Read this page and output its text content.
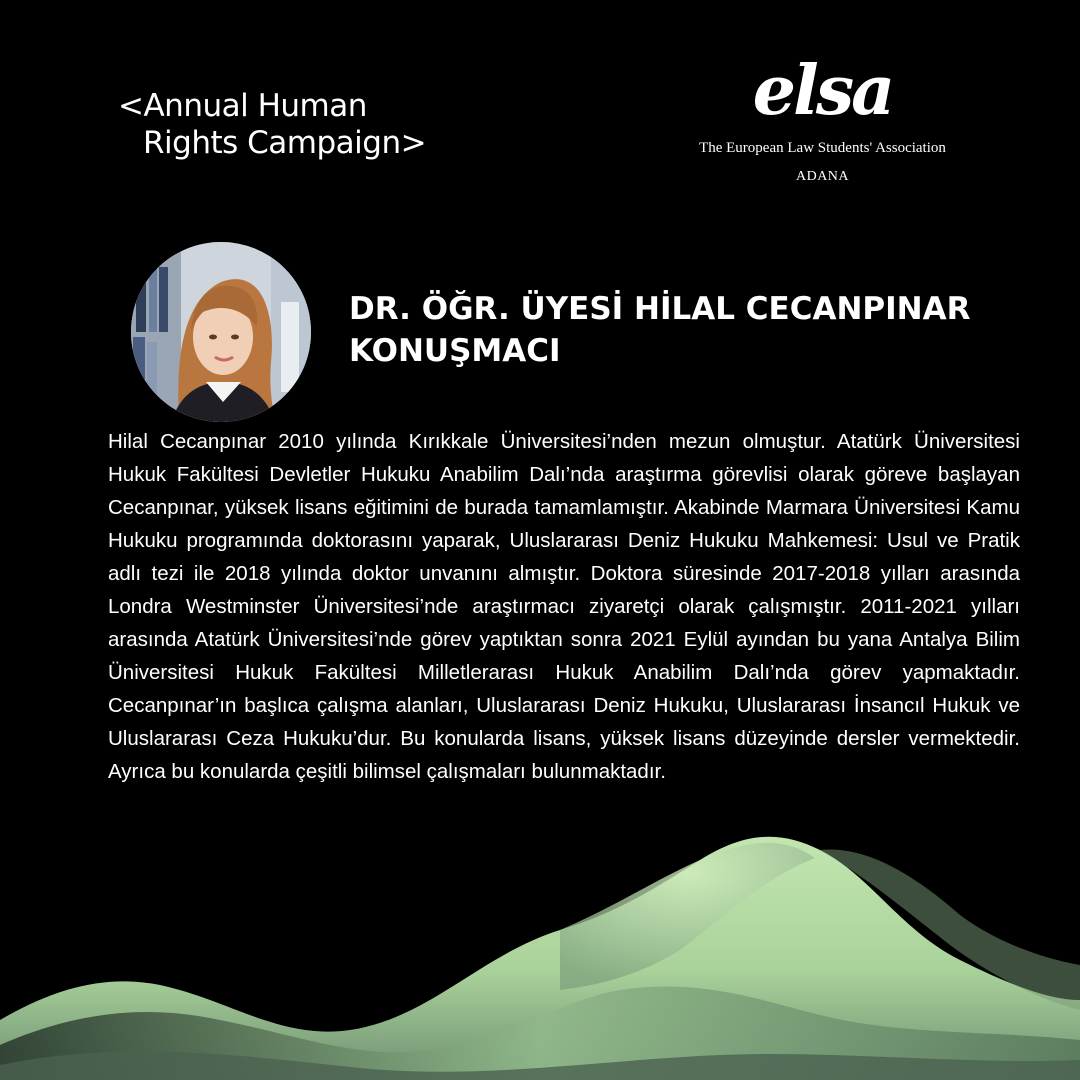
<Annual Human
Rights Campaign>
elsa
The European Law Students' Association
ADANA
DR. ÖĞR. ÜYESİ HİLAL CECANPINAR
KONUŞMACI

Hilal Cecanpınar 2010 yılında Kırıkkale Üniversitesi’nden mezun olmuştur. Atatürk Üniversitesi Hukuk Fakültesi Devletler Hukuku Anabilim Dalı’nda araştırma görevlisi olarak göreve başlayan Cecanpınar, yüksek lisans eğitimini de burada tamamlamıştır. Akabinde Marmara Üniversitesi Kamu Hukuku programında doktorasını yaparak, Uluslararası Deniz Hukuku Mahkemesi: Usul ve Pratik adlı tezi ile 2018 yılında doktor unvanını almıştır. Doktora süresinde 2017-2018 yılları arasında Londra Westminster Üniversitesi’nde araştırmacı ziyaretçi olarak çalışmıştır. 2011-2021 yılları arasında Atatürk Üniversitesi’nde görev yaptıktan sonra 2021 Eylül ayından bu yana Antalya Bilim Üniversitesi Hukuk Fakültesi Milletlerarası Hukuk Anabilim Dalı’nda görev yapmaktadır. Cecanpınar’ın başlıca çalışma alanları, Uluslararası Deniz Hukuku, Uluslararası İnsancıl Hukuk ve Uluslararası Ceza Hukuku’dur. Bu konularda lisans, yüksek lisans düzeyinde dersler vermektedir. Ayrıca bu konularda çeşitli bilimsel çalışmaları bulunmaktadır.
